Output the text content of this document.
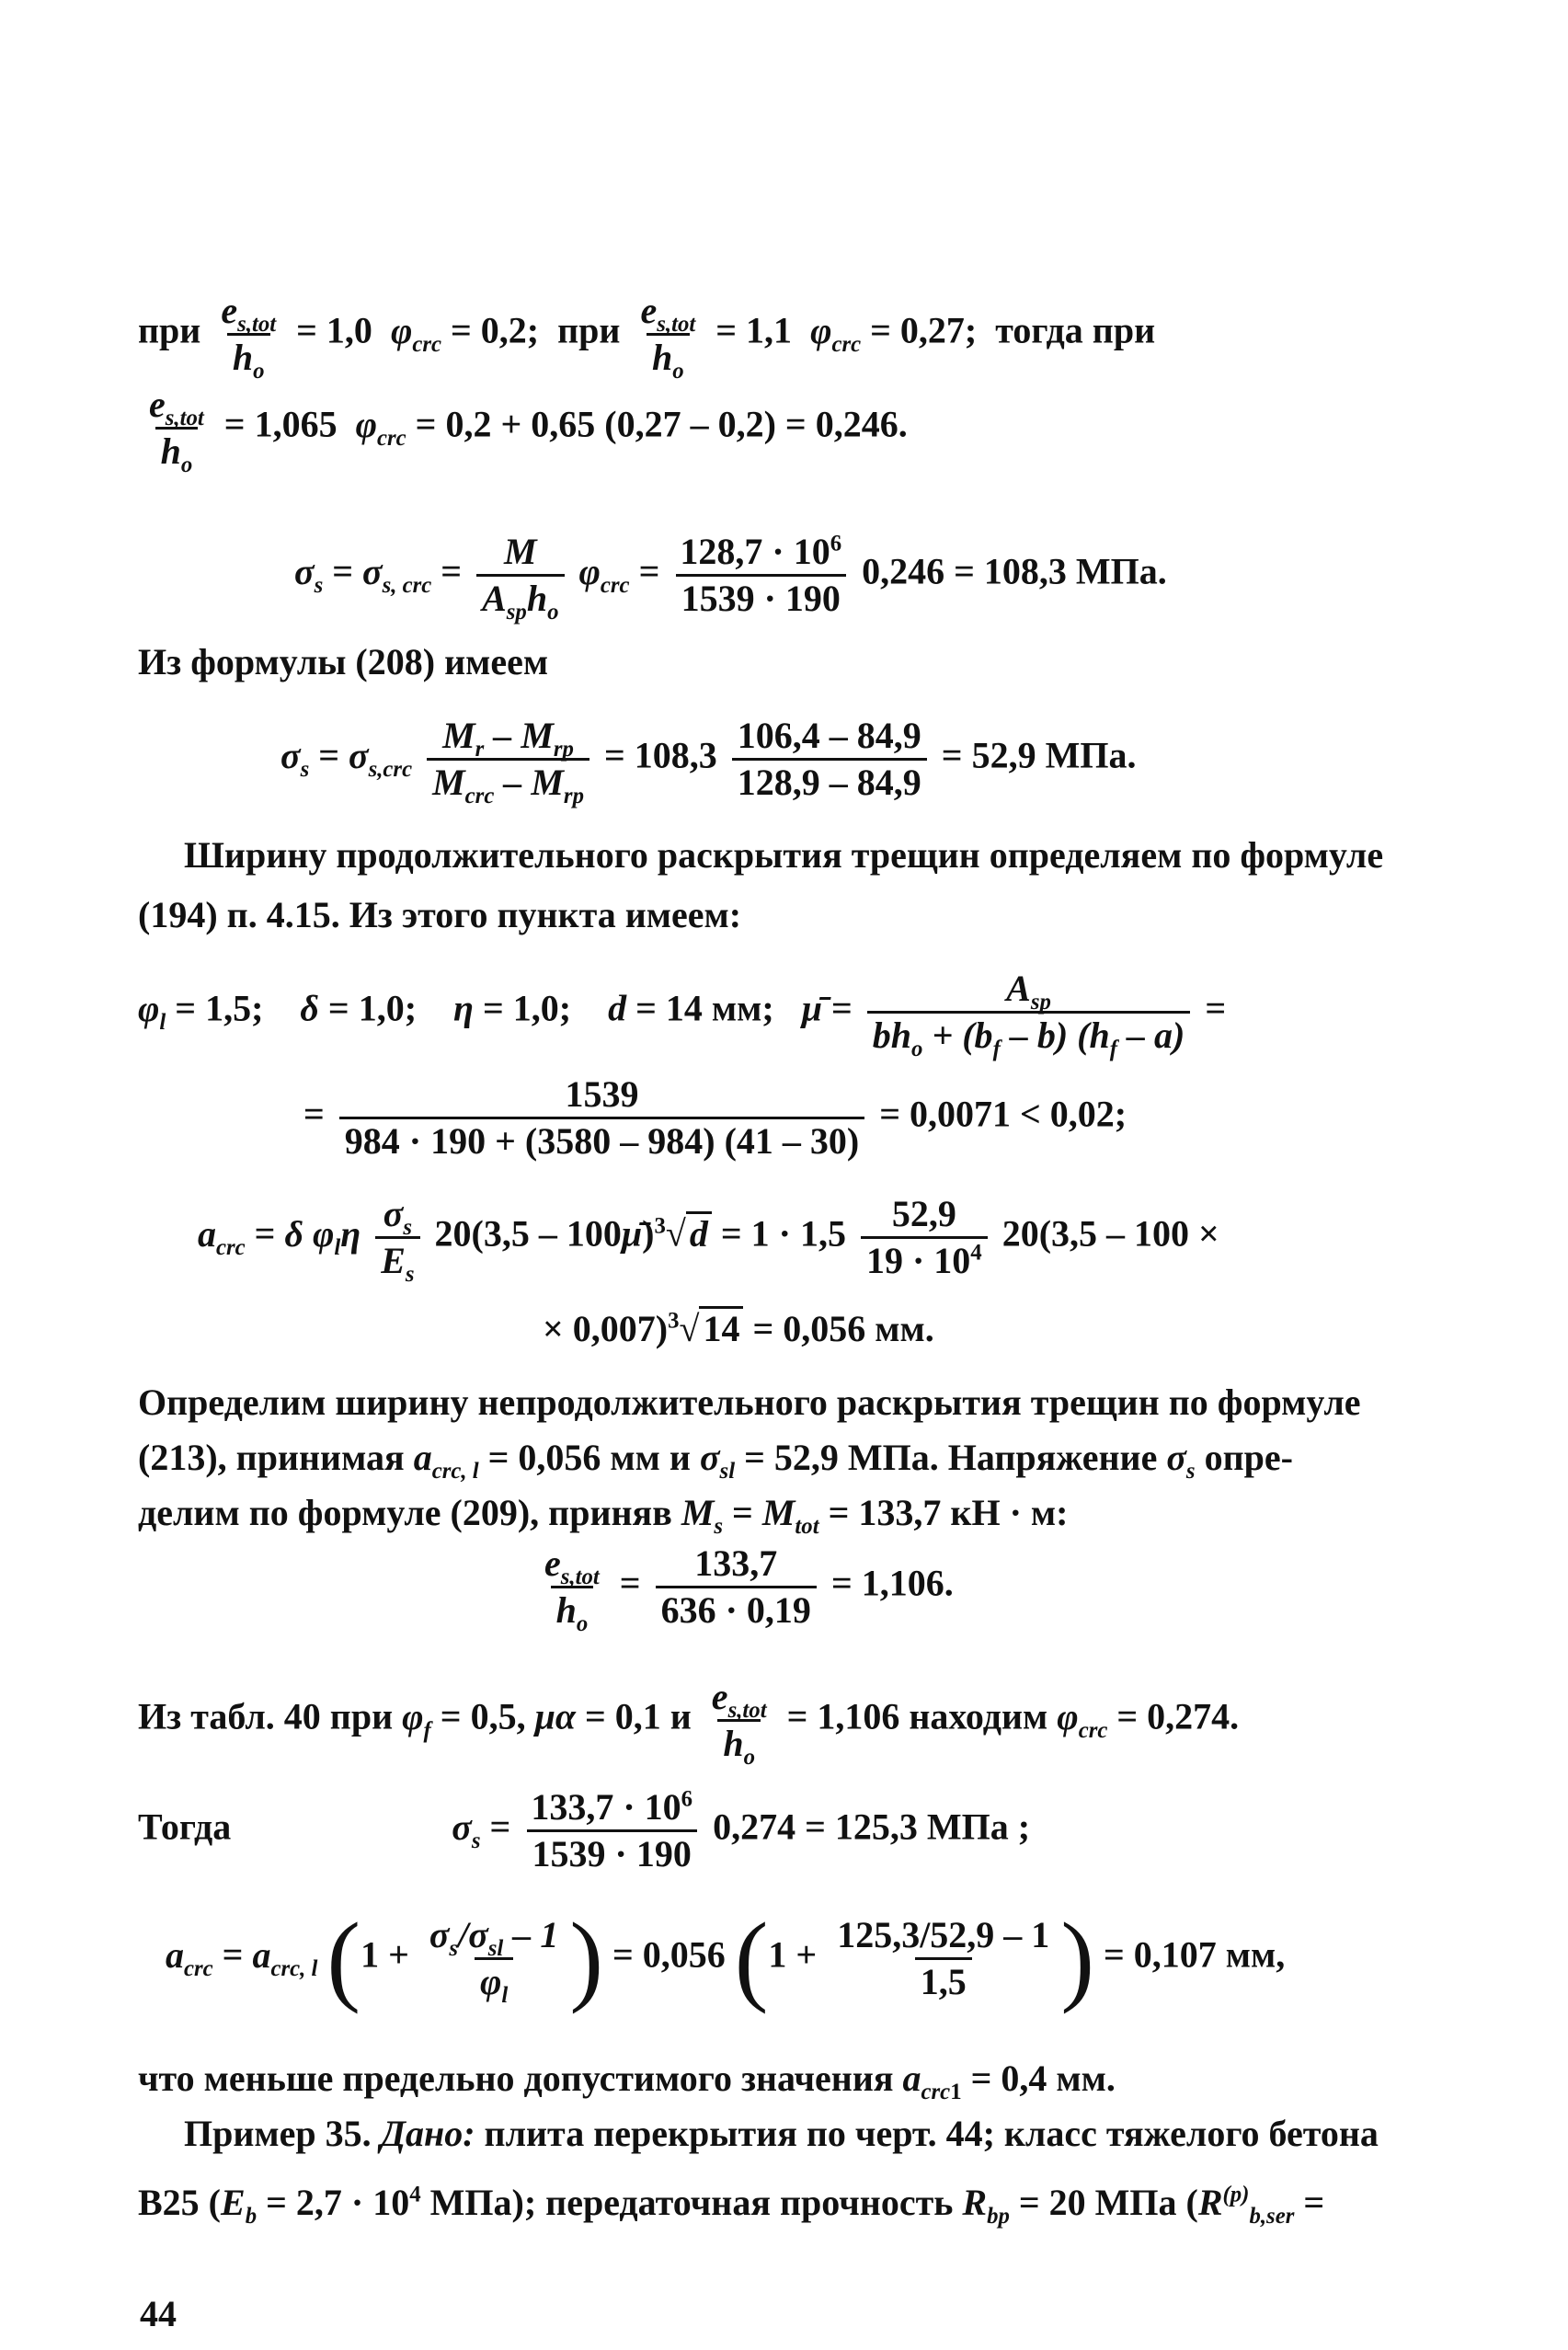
при $\frac{e_{s,tot}}{h_o} = 1,0$  $\varphi_{crc} = 0,2$;  при $\frac{e_{s,tot}}{h_o} = 1,1$  $\varphi_{crc} = 0,27$;  тогда при
$\frac{e_{s,tot}}{h_o} = 1,065$  $\varphi_{crc} = 0,2 + 0,65$ (0,27 – 0,2) = 0,246.
$\sigma_s = \sigma_{s, crc} = \frac{M}{A_{sp}h_o} \varphi_{crc} = \frac{128,7 \cdot 10^6}{1539 \cdot 190} 0,246 = 108,3$ МПа.
Из формулы (208) имеем
$\sigma_s = \sigma_{s,crc} \frac{M_r - M_{rp}}{M_{crc} - M_{rp}} = 108,3 \frac{106,4 - 84,9}{128,9 - 84,9} = 52,9$ МПа.
Ширину продолжительного раскрытия трещин определяем по формуле
(194) п. 4.15. Из этого пункта имеем:
$\varphi_l = 1,5$;    δ = 1,0;    η = 1,0;    d = 14 мм;   μ̄ = $\frac{A_{sp}}{bh_o + (b_f - b) (h_f - a)}$ =
= $\frac{1539}{984 \cdot 190 + (3580 - 984) (41 - 30)} = 0,0071 < 0,02$;
$a_{crc} = \delta$ $\varphi_l\eta \frac{\sigma_s}{E_s} 20(3,5$ – 100μ̄)$^3$√ $d = 1 \cdot 1,5 \frac{52,9}{19 \cdot 10^4} 20(3,5 - 100$ ×
× 0,007)$^3$√ 14 = 0,056 мм.
Определим ширину непродолжительного раскрытия трещин по формуле
(213), принимая $a_{crc, l} = 0,056$ мм и $\sigma_{sl} = 52,9$ МПа. Напряжение $\sigma_s$ опре-
делим по формуле (209), приняв $M_s = M_{tot} = 133,7$ кН · м:
$\frac{e_{s,tot}}{h_o} = \frac{133,7}{636 \cdot 0,19} = 1,106$.
Из табл. 40 при $\varphi_f = 0,5$, μα = 0,1 и $\frac{e_{s,tot}}{h_o} = 1,106$ находим $\varphi_{crc} = 0,274$.
Тогда	$\sigma_s = \frac{133,7 \cdot 10^6}{1539 \cdot 190} 0,274 = 125,3$ МПа ;
$a_{crc} = a_{crc, l}$ ($1 + \frac{\sigma_s/\sigma_{sl} - 1}{\varphi_l}$ ) = 0,056 ($1 + \frac{125,3/52,9 - 1}{1,5}$ ) = 0,107 мм,
что меньше предельно допустимого значения $a_{crc1} = 0,4$ мм.
Пример 35. Дано: плита перекрытия по черт. 44; класс тяжелого бетона
B25 ($E_b = 2,7 \cdot 10^4$ МПа); передаточная прочность $R_{bp} = 20$ МПа ($R^{(p)}_{b,ser}$ =
44
